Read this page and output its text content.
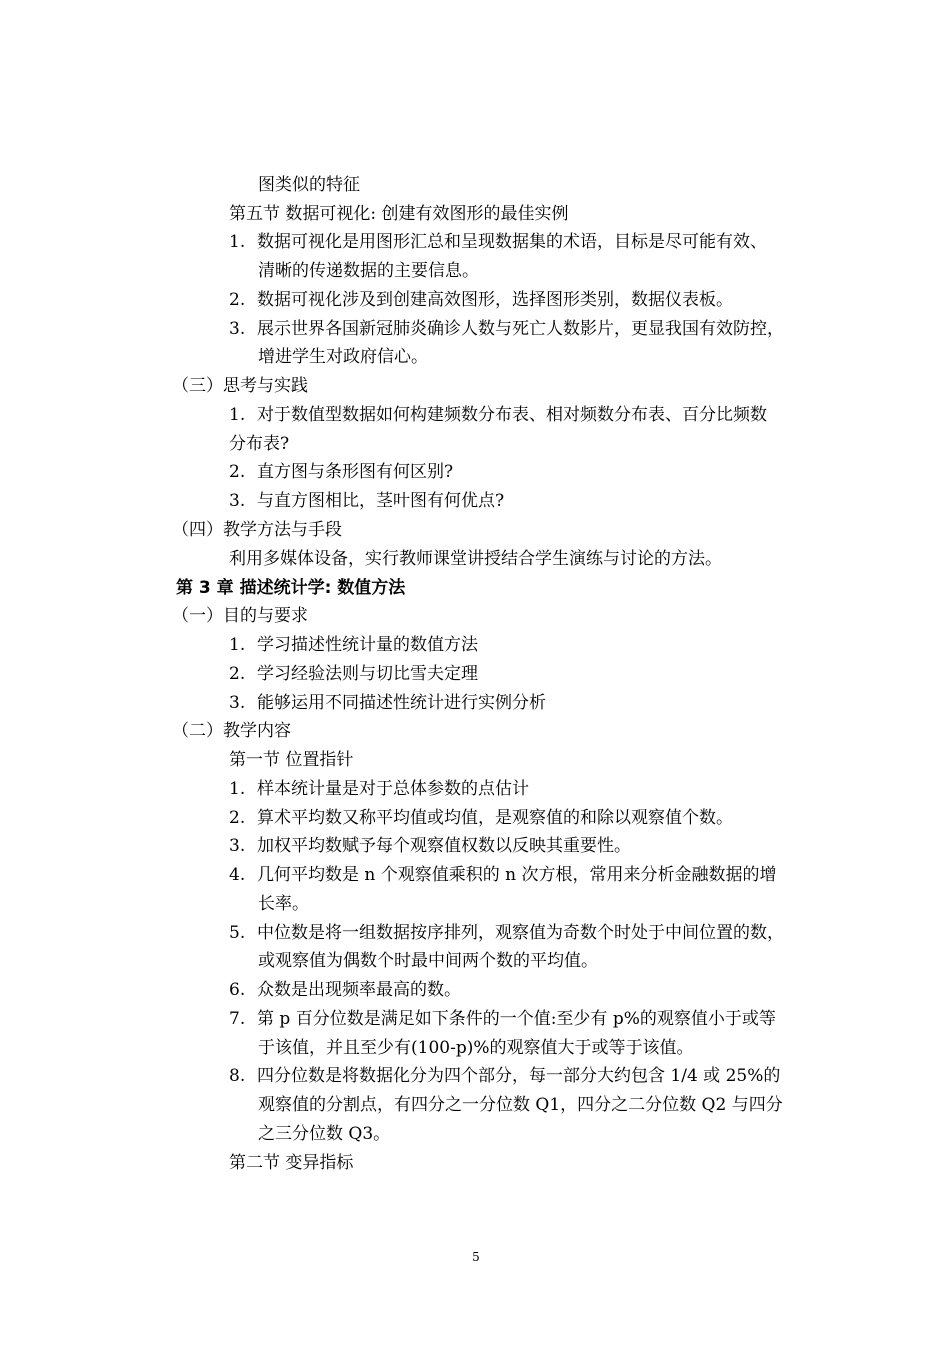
图类似的特征
第五节 数据可视化: 创建有效图形的最佳实例
1. 数据可视化是用图形汇总和呈现数据集的术语，目标是尽可能有效、
清晰的传递数据的主要信息。
2. 数据可视化涉及到创建高效图形，选择图形类别，数据仪表板。
3. 展示世界各国新冠肺炎确诊人数与死亡人数影片，更显我国有效防控，
增进学生对政府信心。
（三）思考与实践
1. 对于数值型数据如何构建频数分布表、相对频数分布表、百分比频数
分布表?
2. 直方图与条形图有何区别?
3. 与直方图相比，茎叶图有何优点?
（四）教学方法与手段
利用多媒体设备，实行教师课堂讲授结合学生演练与讨论的方法。
第 3 章 描述统计学: 数值方法
（一）目的与要求
1. 学习描述性统计量的数值方法
2. 学习经验法则与切比雪夫定理
3. 能够运用不同描述性统计进行实例分析
（二）教学内容
第一节 位置指针
1. 样本统计量是对于总体参数的点估计
2. 算术平均数又称平均值或均值，是观察值的和除以观察值个数。
3. 加权平均数赋予每个观察值权数以反映其重要性。
4. 几何平均数是 n 个观察值乘积的 n 次方根，常用来分析金融数据的增
长率。
5. 中位数是将一组数据按序排列，观察值为奇数个时处于中间位置的数，
或观察值为偶数个时最中间两个数的平均值。
6. 众数是出现频率最高的数。
7. 第 p 百分位数是满足如下条件的一个值:至少有 p%的观察值小于或等
于该值，并且至少有(100-p)%的观察值大于或等于该值。
8. 四分位数是将数据化分为四个部分，每一部分大约包含 1/4 或 25%的
观察值的分割点，有四分之一分位数 Q1，四分之二分位数 Q2 与四分
之三分位数 Q3。
第二节 变异指标
5
